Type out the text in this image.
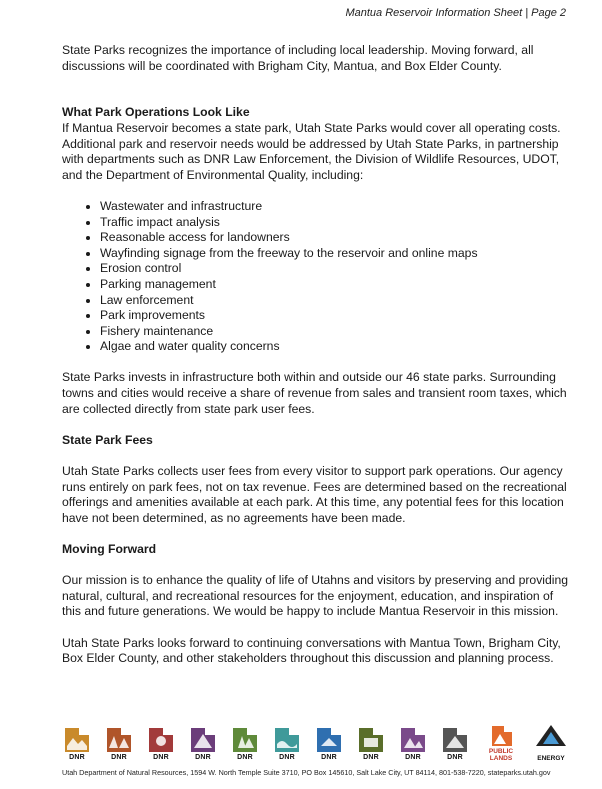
Mantua Reservoir Information Sheet | Page 2

State Parks recognizes the importance of including local leadership. Moving forward, all discussions will be coordinated with Brigham City, Mantua, and Box Elder County.

What Park Operations Look Like

If Mantua Reservoir becomes a state park, Utah State Parks would cover all operating costs. Additional park and reservoir needs would be addressed by Utah State Parks, in partnership with departments such as DNR Law Enforcement, the Division of Wildlife Resources, UDOT, and the Department of Environmental Quality, including:

• Wastewater and infrastructure
• Traffic impact analysis
• Reasonable access for landowners
• Wayfinding signage from the freeway to the reservoir and online maps
• Erosion control
• Parking management
• Law enforcement
• Park improvements
• Fishery maintenance
• Algae and water quality concerns

State Parks invests in infrastructure both within and outside our 46 state parks. Surrounding towns and cities would receive a share of revenue from sales and transient room taxes, which are collected directly from state park user fees.

State Park Fees

Utah State Parks collects user fees from every visitor to support park operations. Our agency runs entirely on park fees, not on tax revenue. Fees are determined based on the recreational offerings and amenities available at each park. At this time, any potential fees for this location have not been determined, as no agreements have been made.

Moving Forward

Our mission is to enhance the quality of life of Utahns and visitors by preserving and providing natural, cultural, and recreational resources for the enjoyment, education, and inspiration of this and future generations. We would be happy to include Mantua Reservoir in this mission.

Utah State Parks looks forward to continuing conversations with Mantua Town, Brigham City, Box Elder County, and other stakeholders throughout this discussion and planning process.

DNR	DNR	DNR	DNR	DNR	DNR	DNR	DNR	DNR	DNR
PUBLIC LANDS	ENERGY
Utah Department of Natural Resources, 1594 W. North Temple Suite 3710, PO Box 145610, Salt Lake City, UT 84114, 801-538-7220, stateparks.utah.gov
